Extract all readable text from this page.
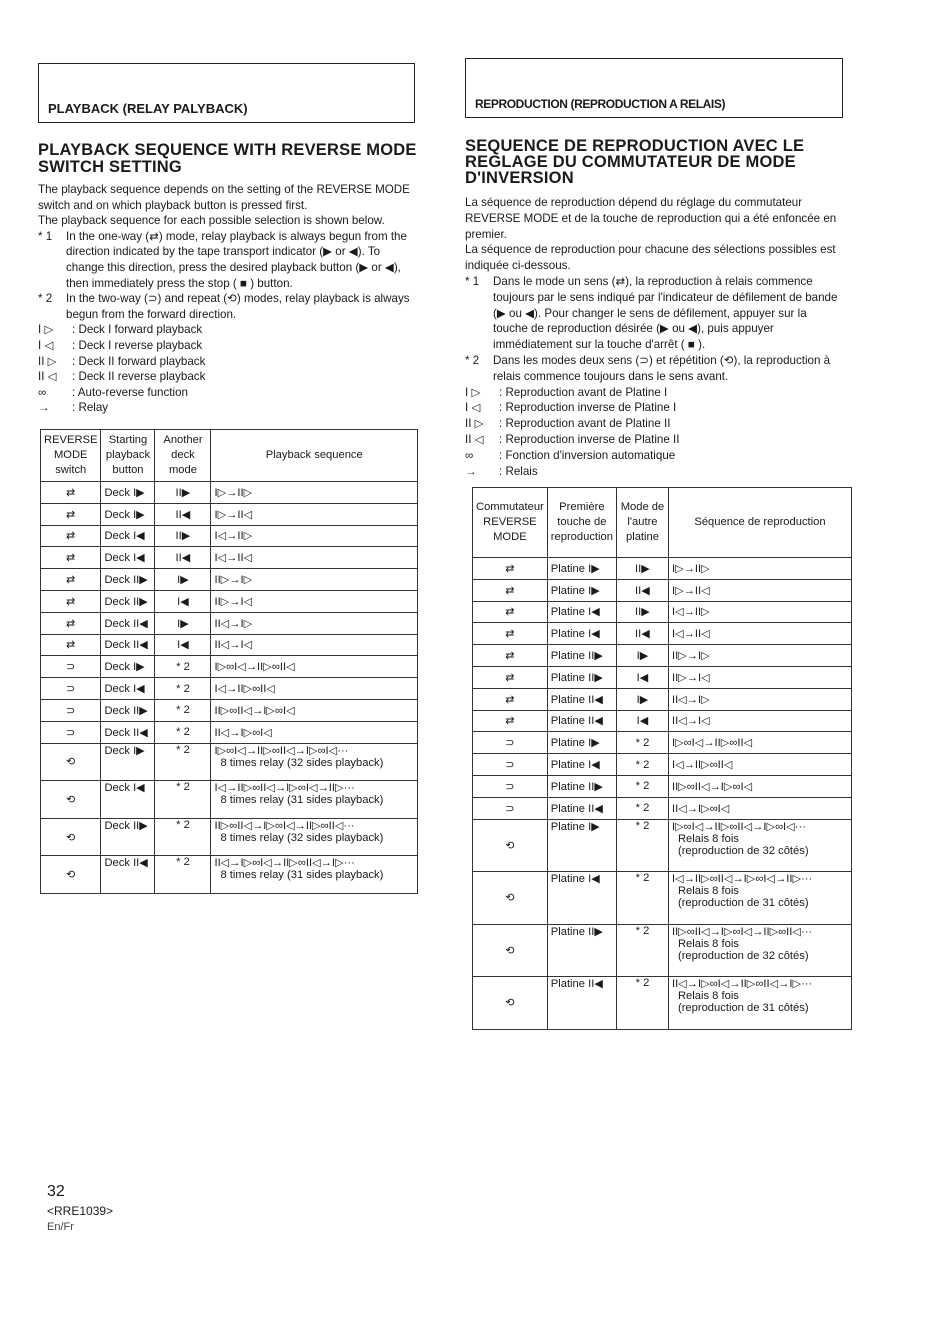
PLAYBACK (RELAY PALYBACK)
PLAYBACK SEQUENCE WITH REVERSE MODE
SWITCH SETTING

The playback sequence depends on the setting of the REVERSE MODE switch and on which playback button is pressed first.

The playback sequence for each possible selection is shown below.

* 1	In the one-way (⇄) mode, relay playback is always begun from the direction indicated by the tape transport indicator (▶ or ◀). To change this direction, press the desired playback button (▶ or ◀), then immediately press the stop ( ■ ) button.
* 2	In the two-way (⊃) and repeat (⟲) modes, relay playback is always begun from the forward direction.
I ▷	: Deck I forward playback
I ◁	: Deck I reverse playback
II ▷	: Deck II forward playback
II ◁	: Deck II reverse playback
∞	: Auto-reverse function
→	: Relay
REVERSE MODE switch	Starting playback button	Another deck mode	Playback sequence
⇄	Deck I▶	II▶	I▷→II▷
⇄	Deck I▶	II◀	I▷→II◁
⇄	Deck I◀	II▶	I◁→II▷
⇄	Deck I◀	II◀	I◁→II◁
⇄	Deck II▶	I▶	II▷→I▷
⇄	Deck II▶	I◀	II▷→I◁
⇄	Deck II◀	I▶	II◁→I▷
⇄	Deck II◀	I◀	II◁→I◁
⊃	Deck I▶	* 2	I▷∞I◁→II▷∞II◁
⊃	Deck I◀	* 2	I◁→II▷∞II◁
⊃	Deck II▶	* 2	II▷∞II◁→I▷∞I◁
⊃	Deck II◀	* 2	II◁→I▷∞I◁
⟲	Deck I▶	* 2	I▷∞I◁→II▷∞II◁→I▷∞I◁···
8 times relay (32 sides playback)

⟲	Deck I◀	* 2	I◁→II▷∞II◁→I▷∞I◁→II▷···
8 times relay (31 sides playback)

⟲	Deck II▶	* 2	II▷∞II◁→I▷∞I◁→II▷∞II◁···
8 times relay (32 sides playback)

⟲	Deck II◀	* 2	II◁→I▷∞I◁→II▷∞II◁→I▷···
8 times relay (31 sides playback)
REPRODUCTION (REPRODUCTION A RELAIS)
SEQUENCE DE REPRODUCTION AVEC LE
REGLAGE DU COMMUTATEUR DE MODE
D'INVERSION

La séquence de reproduction dépend du réglage du commutateur REVERSE MODE et de la touche de reproduction qui a été enfoncée en premier.

La séquence de reproduction pour chacune des sélections possibles est indiquée ci-dessous.

* 1	Dans le mode un sens (⇄), la reproduction à relais commence toujours par le sens indiqué par l'indicateur de défilement de bande (▶ ou ◀). Pour changer le sens de défilement, appuyer sur la touche de reproduction désirée (▶ ou ◀), puis appuyer immédiatement sur la touche d'arrêt ( ■ ).
* 2	Dans les modes deux sens (⊃) et répétition (⟲), la reproduction à relais commence toujours dans le sens avant.
I ▷	: Reproduction avant de Platine I
I ◁	: Reproduction inverse de Platine I
II ▷	: Reproduction avant de Platine II
II ◁	: Reproduction inverse de Platine II
∞	: Fonction d'inversion automatique
→	: Relais
Commutateur REVERSE MODE	Première touche de reproduction	Mode de l'autre platine	Séquence de reproduction
⇄	Platine I▶	II▶	I▷→II▷
⇄	Platine I▶	II◀	I▷→II◁
⇄	Platine I◀	II▶	I◁→II▷
⇄	Platine I◀	II◀	I◁→II◁
⇄	Platine II▶	I▶	II▷→I▷
⇄	Platine II▶	I◀	II▷→I◁
⇄	Platine II◀	I▶	II◁→I▷
⇄	Platine II◀	I◀	II◁→I◁
⊃	Platine I▶	* 2	I▷∞I◁→II▷∞II◁
⊃	Platine I◀	* 2	I◁→II▷∞II◁
⊃	Platine II▶	* 2	II▷∞II◁→I▷∞I◁
⊃	Platine II◀	* 2	II◁→I▷∞I◁
⟲	Platine I▶	* 2	I▷∞I◁→II▷∞II◁→I▷∞I◁···
Relais 8 fois
(reproduction de 32 côtés)

⟲	Platine I◀	* 2	I◁→II▷∞II◁→I▷∞I◁→II▷···
Relais 8 fois
(reproduction de 31 côtés)

⟲	Platine II▶	* 2	II▷∞II◁→I▷∞I◁→II▷∞II◁···
Relais 8 fois
(reproduction de 32 côtés)

⟲	Platine II◀	* 2	II◁→I▷∞I◁→II▷∞II◁→I▷···
Relais 8 fois
(reproduction de 31 côtés)
32
<RRE1039>
En/Fr
